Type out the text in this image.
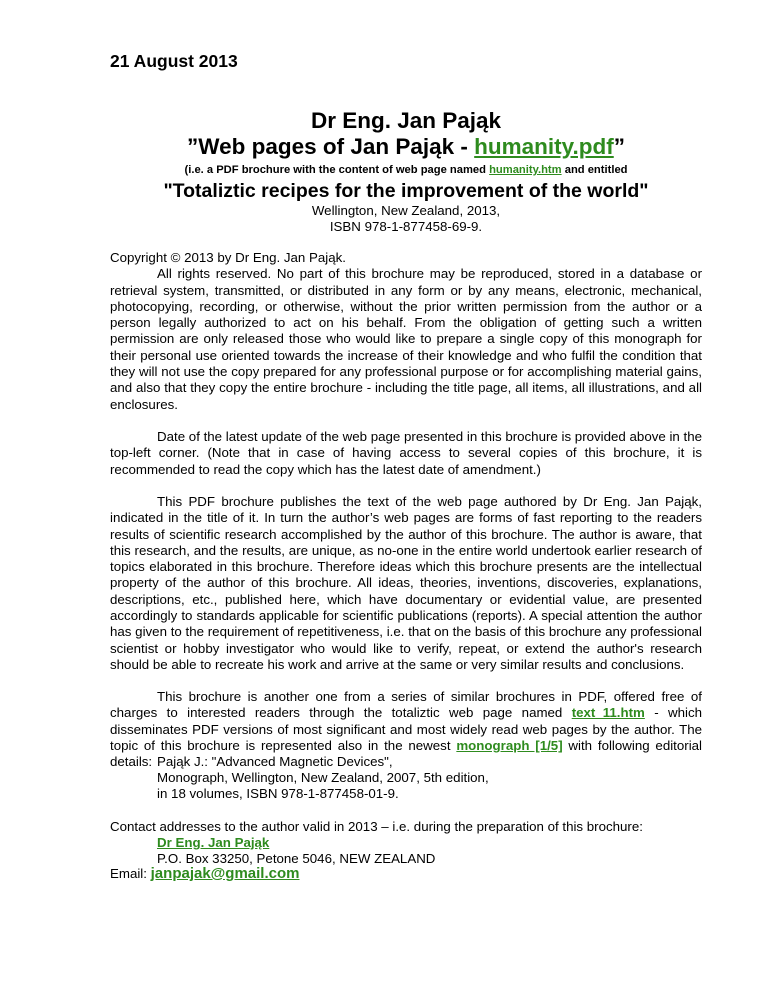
21 August 2013
Dr Eng. Jan Pająk
”Web pages of Jan Pająk - humanity.pdf”
(i.e. a PDF brochure with the content of web page named humanity.htm and entitled
"Totaliztic recipes for the improvement of the world"
Wellington, New Zealand, 2013,
ISBN 978-1-877458-69-9.
Copyright © 2013 by Dr Eng. Jan Pająk.
All rights reserved. No part of this brochure may be reproduced, stored in a database or retrieval system, transmitted, or distributed in any form or by any means, electronic, mechanical, photocopying, recording, or otherwise, without the prior written permission from the author or a person legally authorized to act on his behalf. From the obligation of getting such a written permission are only released those who would like to prepare a single copy of this monograph for their personal use oriented towards the increase of their knowledge and who fulfil the condition that they will not use the copy prepared for any professional purpose or for accomplishing material gains, and also that they copy the entire brochure - including the title page, all items, all illustrations, and all enclosures.
Date of the latest update of the web page presented in this brochure is provided above in the top-left corner. (Note that in case of having access to several copies of this brochure, it is recommended to read the copy which has the latest date of amendment.)
This PDF brochure publishes the text of the web page authored by Dr Eng. Jan Pająk, indicated in the title of it. In turn the author’s web pages are forms of fast reporting to the readers results of scientific research accomplished by the author of this brochure. The author is aware, that this research, and the results, are unique, as no-one in the entire world undertook earlier research of topics elaborated in this brochure. Therefore ideas which this brochure presents are the intellectual property of the author of this brochure. All ideas, theories, inventions, discoveries, explanations, descriptions, etc., published here, which have documentary or evidential value, are presented accordingly to standards applicable for scientific publications (reports). A special attention the author has given to the requirement of repetitiveness, i.e. that on the basis of this brochure any professional scientist or hobby investigator who would like to verify, repeat, or extend the author's research should be able to recreate his work and arrive at the same or very similar results and conclusions.
This brochure is another one from a series of similar brochures in PDF, offered free of charges to interested readers through the totaliztic web page named text_11.htm - which disseminates PDF versions of most significant and most widely read web pages by the author. The topic of this brochure is represented also in the newest monograph [1/5] with following editorial details: Pająk J.: "Advanced Magnetic Devices",
Monograph, Wellington, New Zealand, 2007, 5th edition,
in 18 volumes, ISBN 978-1-877458-01-9.
Contact addresses to the author valid in 2013 – i.e. during the preparation of this brochure:
Dr Eng. Jan Pająk
P.O. Box 33250, Petone 5046, NEW ZEALAND
Email: janpajak@gmail.com
